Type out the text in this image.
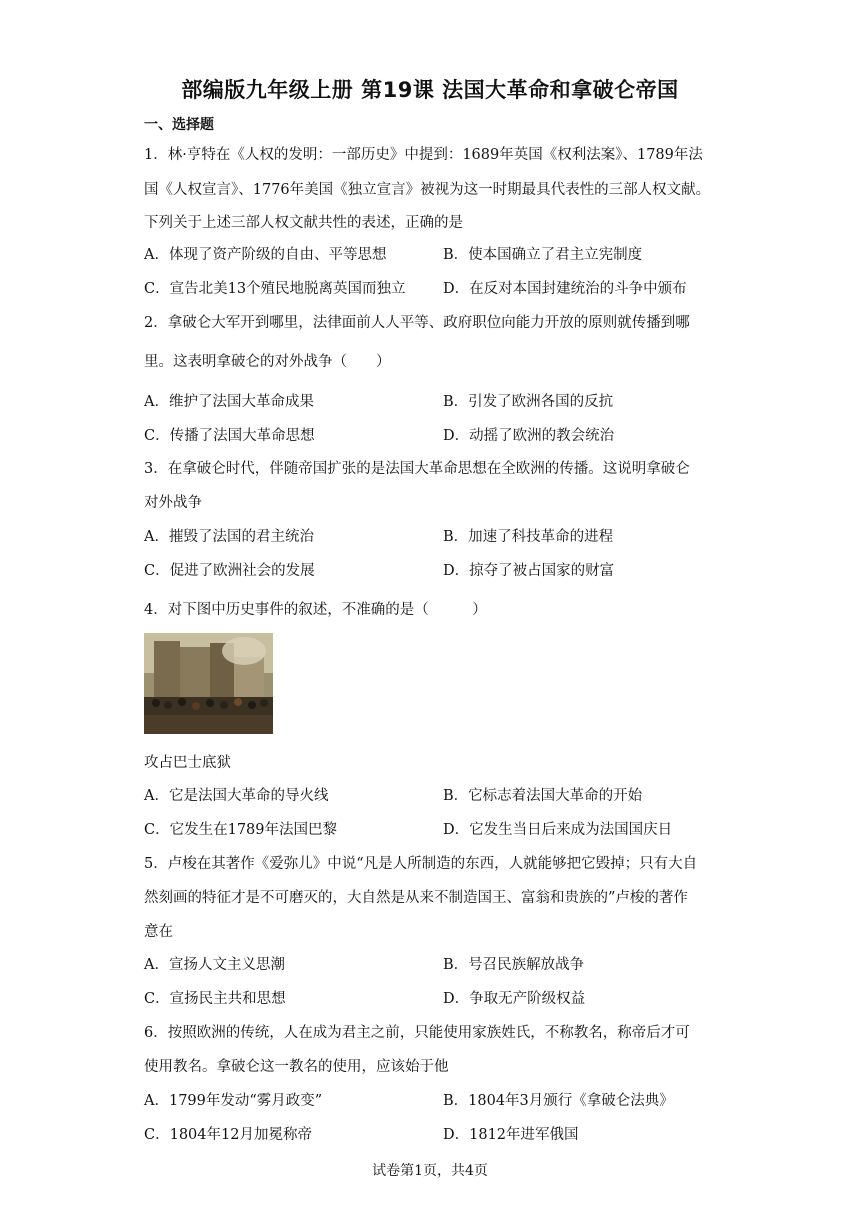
部编版九年级上册 第19课 法国大革命和拿破仑帝国
一、选择题
1．林·亨特在《人权的发明：一部历史》中提到：1689年英国《权利法案》、1789年法
国《人权宣言》、1776年美国《独立宣言》被视为这一时期最具代表性的三部人权文献。
下列关于上述三部人权文献共性的表述，正确的是
A．体现了资产阶级的自由、平等思想	B．使本国确立了君主立宪制度
C．宣告北美13个殖民地脱离英国而独立	D．在反对本国封建统治的斗争中颁布
2．拿破仑大军开到哪里，法律面前人人平等、政府职位向能力开放的原则就传播到哪
里。这表明拿破仑的对外战争（　　）
A．维护了法国大革命成果	B．引发了欧洲各国的反抗
C．传播了法国大革命思想	D．动摇了欧洲的教会统治
3．在拿破仑时代，伴随帝国扩张的是法国大革命思想在全欧洲的传播。这说明拿破仑
对外战争
A．摧毁了法国的君主统治	B．加速了科技革命的进程
C．促进了欧洲社会的发展	D．掠夺了被占国家的财富
4．对下图中历史事件的叙述，不准确的是（　　　）
攻占巴士底狱
A．它是法国大革命的导火线	B．它标志着法国大革命的开始
C．它发生在1789年法国巴黎	D．它发生当日后来成为法国国庆日
5．卢梭在其著作《爱弥儿》中说“凡是人所制造的东西，人就能够把它毁掉；只有大自
然刻画的特征才是不可磨灭的，大自然是从来不制造国王、富翁和贵族的”卢梭的著作
意在
A．宣扬人文主义思潮	B．号召民族解放战争
C．宣扬民主共和思想	D．争取无产阶级权益
6．按照欧洲的传统，人在成为君主之前，只能使用家族姓氏，不称教名，称帝后才可
使用教名。拿破仑这一教名的使用，应该始于他
A．1799年发动“雾月政变”	B．1804年3月颁行《拿破仑法典》
C．1804年12月加冕称帝	D．1812年进军俄国
试卷第1页，共4页
